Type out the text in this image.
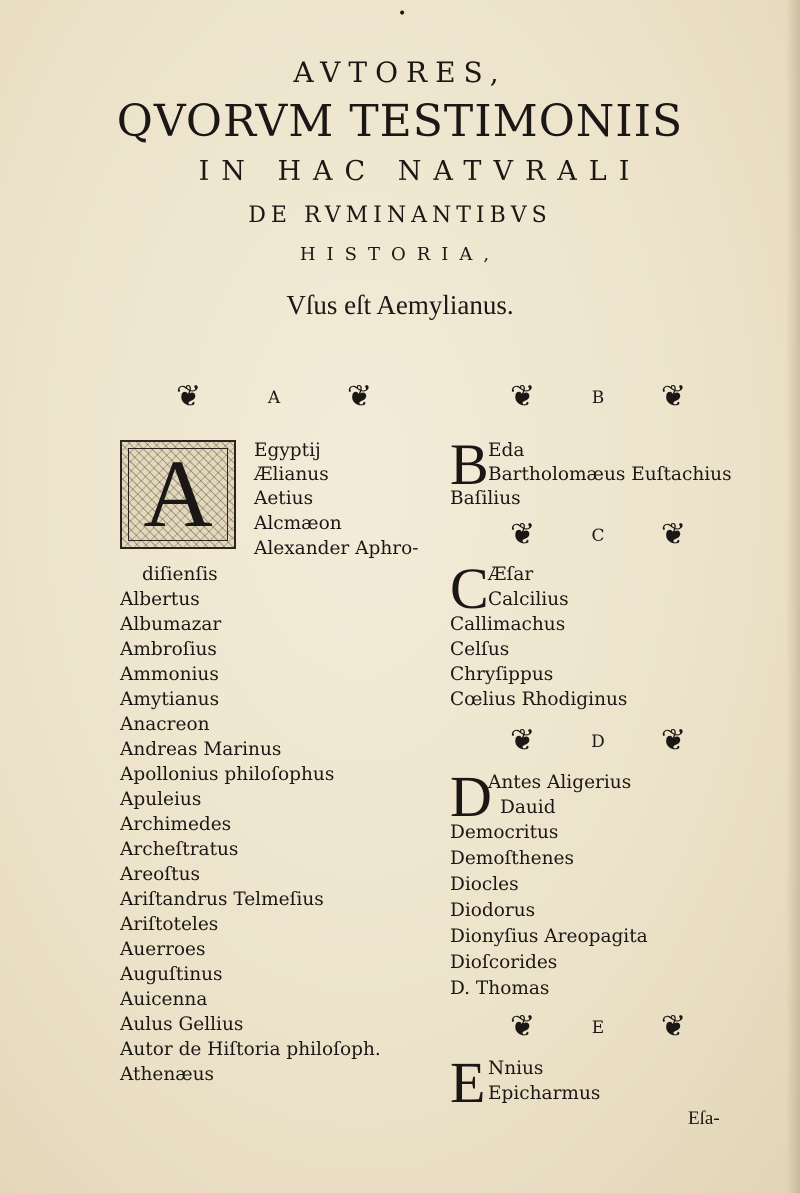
•
AVTORES,
QVORVM TESTIMONIIS
IN HAC NATVRALI
DE RVMINANTIBVS
HISTORIA,
Vſus eſt Aemylianus.
❦	A	❦	❦	B	❦
A	Egyptij
Ælianus
Aetius
Alcmæon
Alexander Aphro-
diſienſis
Albertus
Albumazar
Ambroſius
Ammonius
Amytianus
Anacreon
Andreas Marinus
Apollonius philoſophus
Apuleius
Archimedes
Archeſtratus
Areoſtus
Ariſtandrus Telmeſius
Ariſtoteles
Auerroes
Auguſtinus
Auicenna
Aulus Gellius
Autor de Hiſtoria philoſoph.
Athenæus
B Eda
Bartholomæus Euſtachius
Baſilius
❦	C	❦
C Æſar
Calcilius
Callimachus
Celſus
Chryſippus
Cœlius Rhodiginus
❦	D	❦
D
Antes Aligerius
Dauid
Democritus
Demoſthenes
Diocles
Diodorus
Dionyſius Areopagita
Dioſcorides
D. Thomas
❦	E	❦
E Nnius
Epicharmus
Eſa-
